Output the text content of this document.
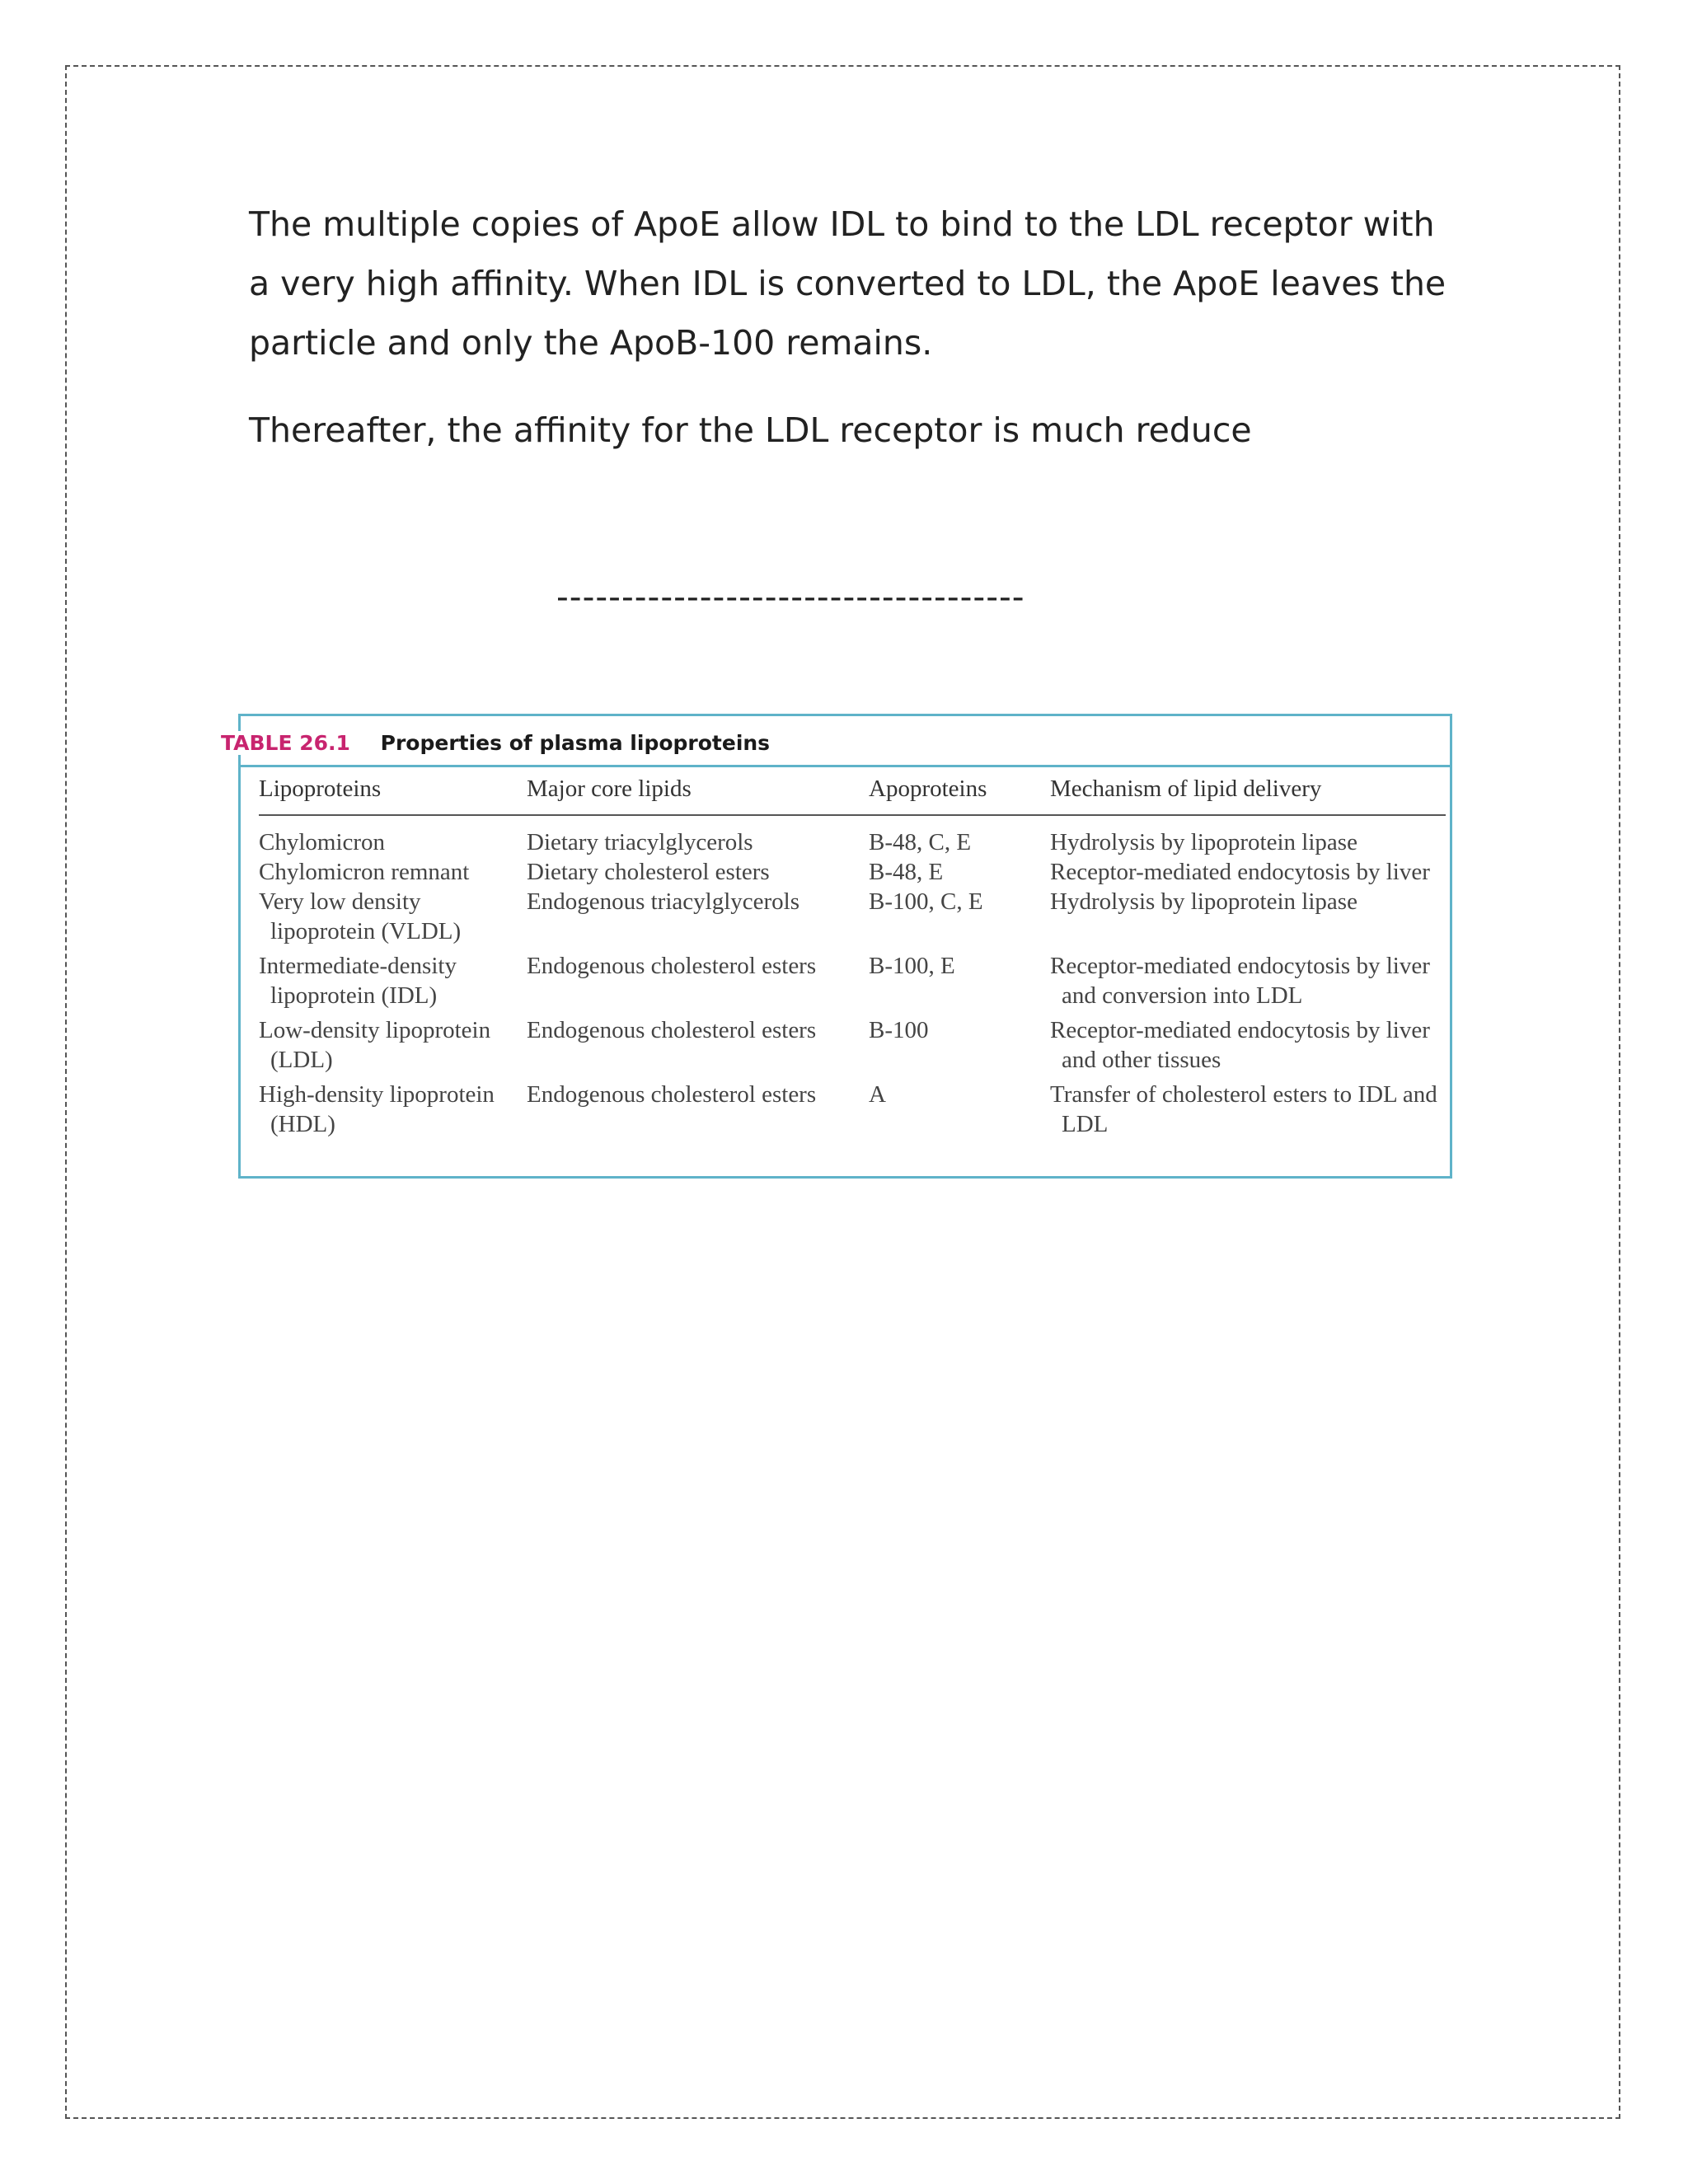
The multiple copies of ApoE allow IDL to bind to the LDL receptor with a very high affinity. When IDL is converted to LDL, the ApoE leaves the particle and only the ApoB-100 remains.

Thereafter, the affinity for the LDL receptor is much reduce

------------------------------------
TABLE 26.1 Properties of plasma lipoproteins
Lipoproteins	Major core lipids	Apoproteins	Mechanism of lipid delivery
Chylomicron	Dietary triacylglycerols	B-48, C, E	Hydrolysis by lipoprotein lipase
Chylomicron remnant	Dietary cholesterol esters	B-48, E	Receptor-mediated endocytosis by liver

Very low density lipoprotein (VLDL)	Endogenous triacylglycerols	B-100, C, E	Hydrolysis by lipoprotein lipase

Intermediate-density lipoprotein (IDL)	Endogenous cholesterol esters	B-100, E	Receptor-mediated endocytosis by liver and conversion into LDL

Low-density lipoprotein (LDL)	Endogenous cholesterol esters	B-100	Receptor-mediated endocytosis by liver and other tissues

High-density lipoprotein (HDL)	Endogenous cholesterol esters	A	Transfer of cholesterol esters to IDL and LDL
